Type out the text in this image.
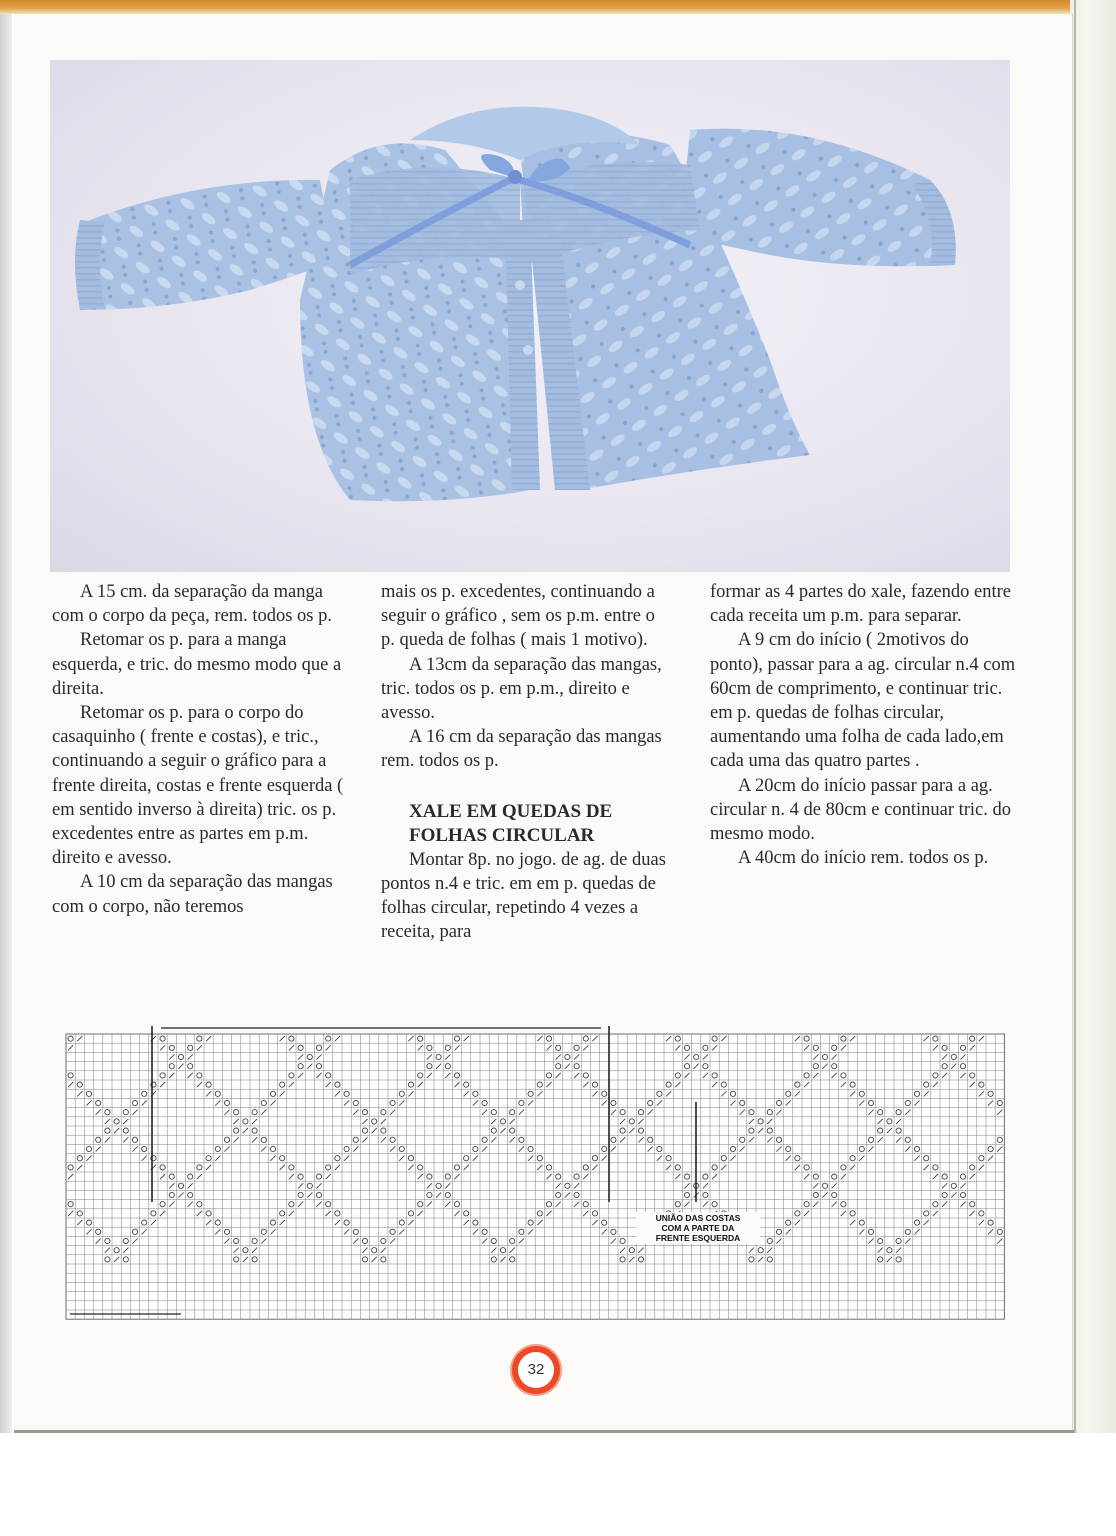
A 15 cm. da separação da manga com o corpo da peça, rem. todos os p.

Retomar os p. para a manga esquerda, e tric. do mesmo modo que a direita.

Retomar os p. para o corpo do casaquinho ( frente e costas), e tric., continuando a seguir o gráfico para a frente direita, costas e frente esquerda ( em sentido inverso à direita) tric. os p. excedentes entre as partes em p.m. direito e avesso.

A 10 cm da separação das mangas com o corpo, não teremos

mais os p. excedentes, continuando a seguir o gráfico , sem os p.m. entre o p. queda de folhas ( mais 1 motivo).

A 13cm da separação das mangas, tric. todos os p. em p.m., direito e avesso.

A 16 cm da separação das mangas rem. todos os p.

XALE EM QUEDAS DE FOLHAS CIRCULAR

Montar 8p. no jogo. de ag. de duas pontos n.4 e tric. em em p. quedas de folhas circular, repetindo 4 vezes a receita, para

formar as 4 partes do xale, fazendo entre cada receita um p.m. para separar.

A 9 cm do início ( 2motivos do ponto), passar para a ag. circular n.4 com 60cm de comprimento, e continuar tric. em p. quedas de folhas circular, aumentando uma folha de cada lado,em cada uma das quatro partes .

A 20cm do início passar para a ag. circular n. 4 de 80cm e continuar tric. do mesmo modo.

A 40cm do início rem. todos os p.

UNIÃO DAS COSTAS
COM A PARTE DA
FRENTE ESQUERDA
32
